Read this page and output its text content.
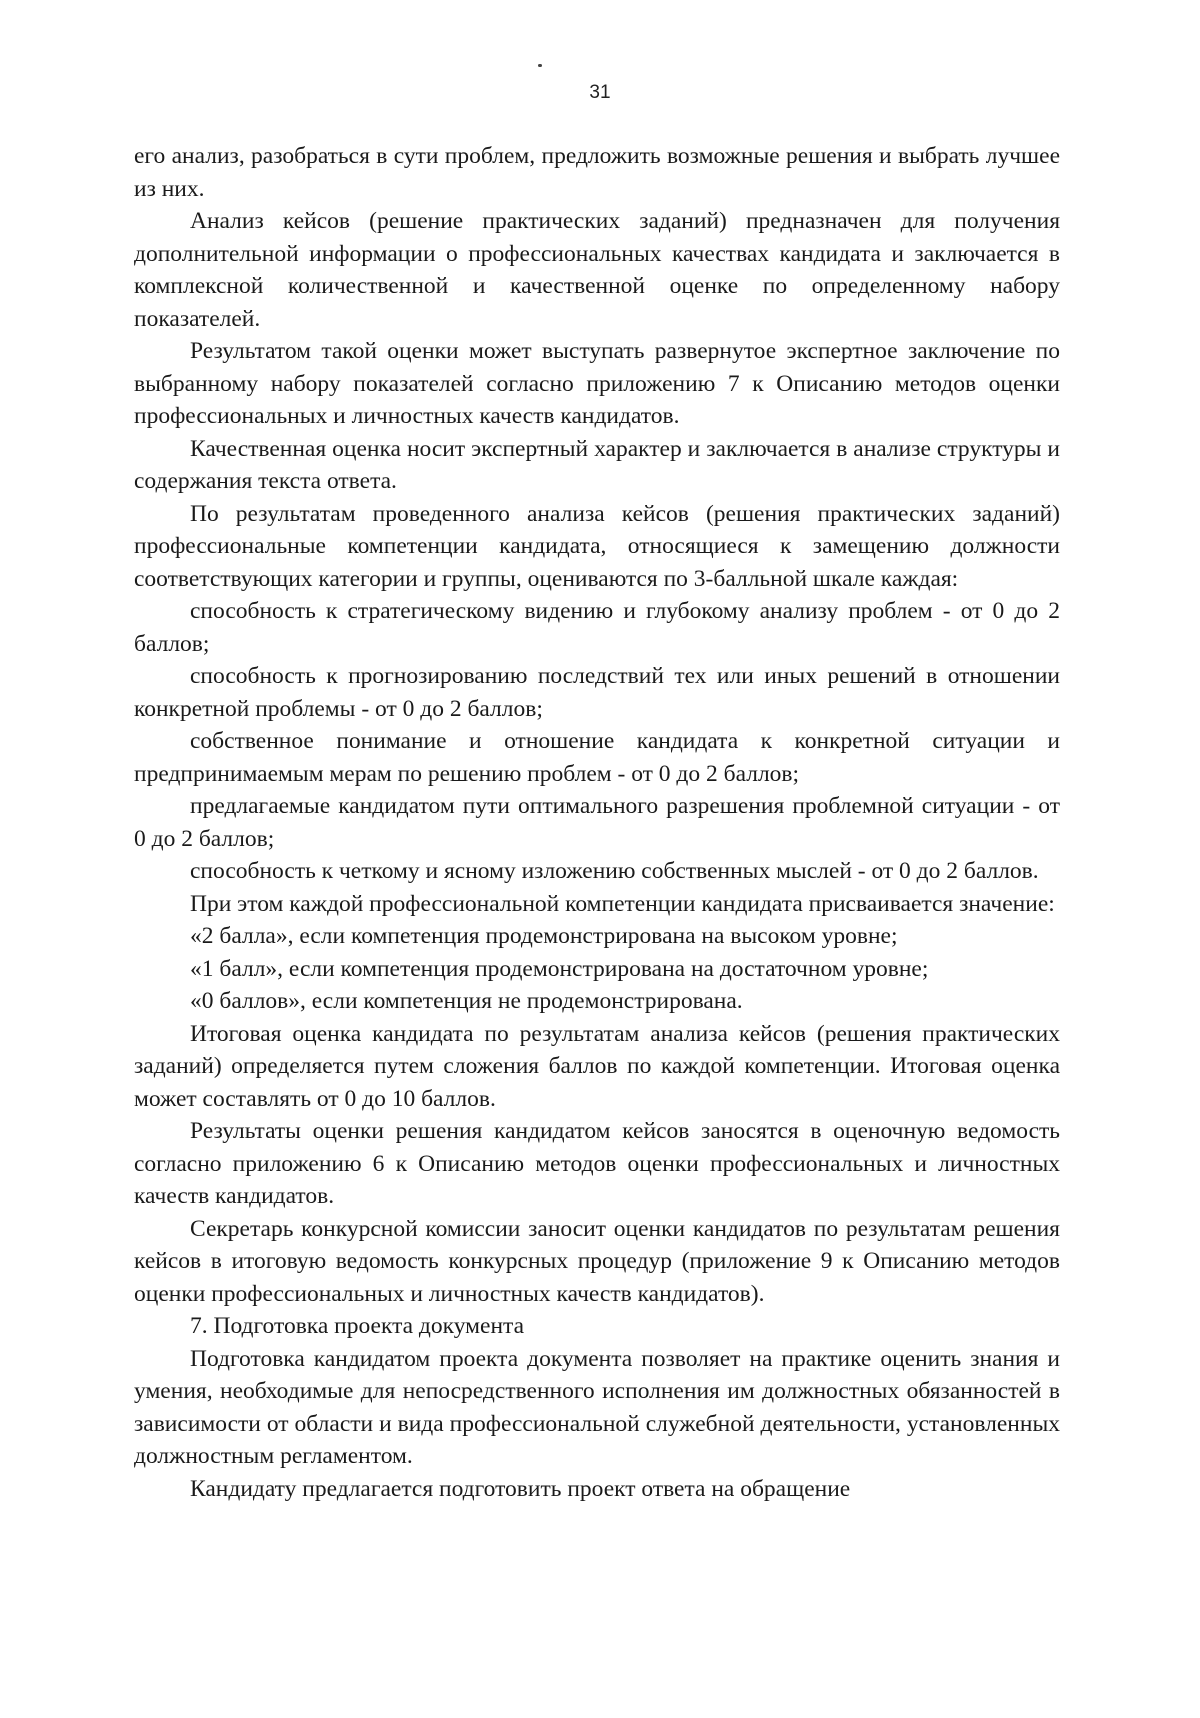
31

его анализ, разобраться в сути проблем, предложить возможные решения и выбрать лучшее из них.

Анализ кейсов (решение практических заданий) предназначен для получения дополнительной информации о профессиональных качествах кандидата и заключается в комплексной количественной и качественной оценке по определенному набору показателей.

Результатом такой оценки может выступать развернутое экспертное заключение по выбранному набору показателей согласно приложению 7 к Описанию методов оценки профессиональных и личностных качеств кандидатов.

Качественная оценка носит экспертный характер и заключается в анализе структуры и содержания текста ответа.

По результатам проведенного анализа кейсов (решения практических заданий) профессиональные компетенции кандидата, относящиеся к замещению должности соответствующих категории и группы, оцениваются по 3-балльной шкале каждая:

способность к стратегическому видению и глубокому анализу проблем - от 0 до 2 баллов;

способность к прогнозированию последствий тех или иных решений в отношении конкретной проблемы - от 0 до 2 баллов;

собственное понимание и отношение кандидата к конкретной ситуации и предпринимаемым мерам по решению проблем - от 0 до 2 баллов;

предлагаемые кандидатом пути оптимального разрешения проблемной ситуации - от 0 до 2 баллов;

способность к четкому и ясному изложению собственных мыслей - от 0 до 2 баллов.

При этом каждой профессиональной компетенции кандидата присваивается значение:

«2 балла», если компетенция продемонстрирована на высоком уровне;

«1 балл», если компетенция продемонстрирована на достаточном уровне;

«0 баллов», если компетенция не продемонстрирована.

Итоговая оценка кандидата по результатам анализа кейсов (решения практических заданий) определяется путем сложения баллов по каждой компетенции. Итоговая оценка может составлять от 0 до 10 баллов.

Результаты оценки решения кандидатом кейсов заносятся в оценочную ведомость согласно приложению 6 к Описанию методов оценки профессиональных и личностных качеств кандидатов.

Секретарь конкурсной комиссии заносит оценки кандидатов по результатам решения кейсов в итоговую ведомость конкурсных процедур (приложение 9 к Описанию методов оценки профессиональных и личностных качеств кандидатов).

7. Подготовка проекта документа

Подготовка кандидатом проекта документа позволяет на практике оценить знания и умения, необходимые для непосредственного исполнения им должностных обязанностей в зависимости от области и вида профессиональной служебной деятельности, установленных должностным регламентом.

Кандидату предлагается подготовить проект ответа на обращение
